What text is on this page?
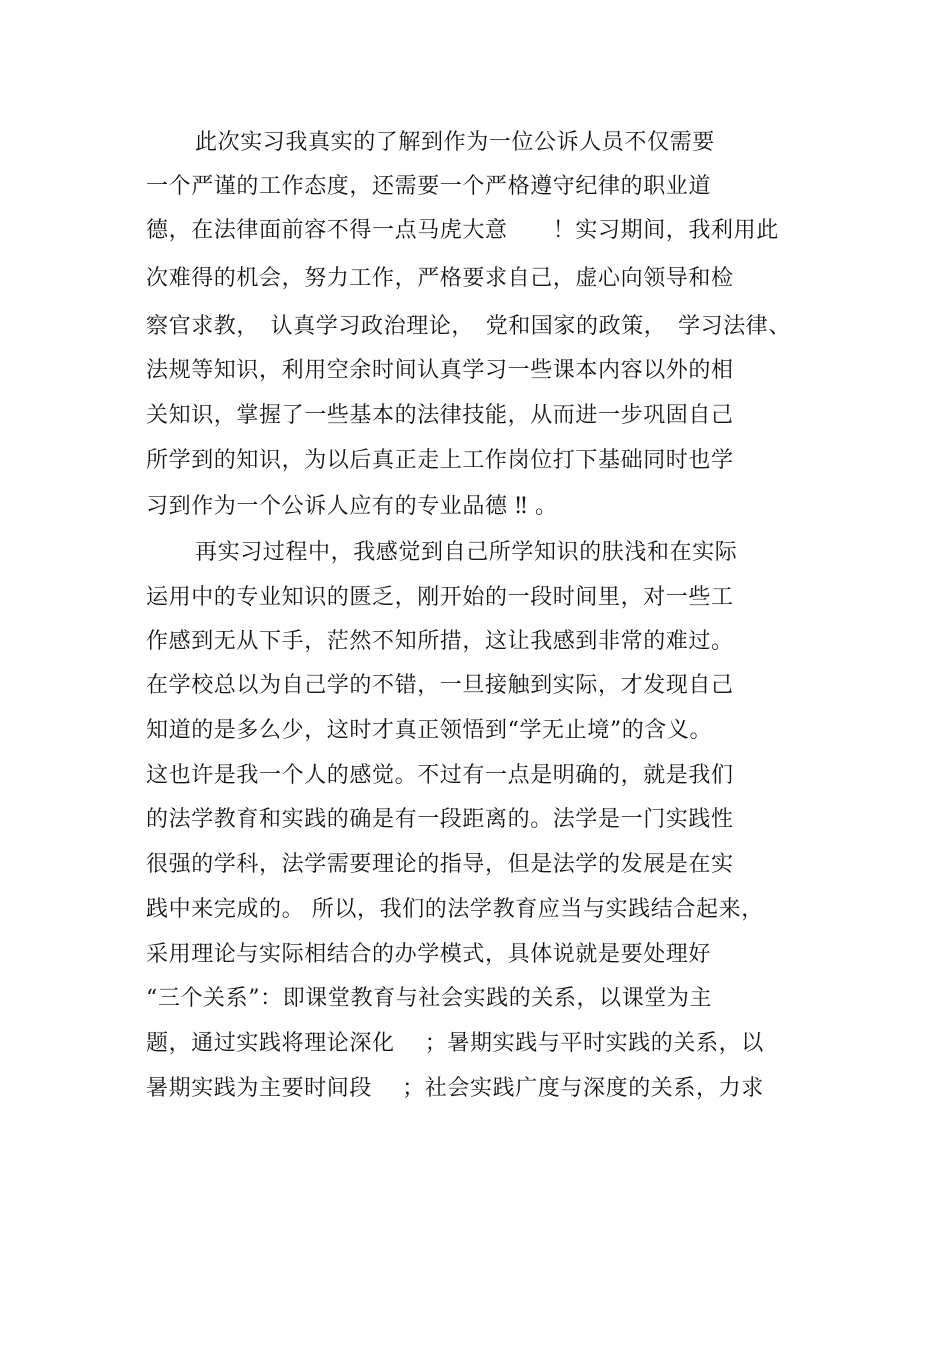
此次实习我真实的了解到作为一位公诉人员不仅需要
一个严谨的工作态度，还需要一个严格遵守纪律的职业道
德，在法律面前容不得一点马虎大意　　！实习期间，我利用此
次难得的机会，努力工作，严格要求自己，虚心向领导和检
察官求教，　认真学习政治理论，　党和国家的政策，　学习法律、
法规等知识，利用空余时间认真学习一些课本内容以外的相
关知识，掌握了一些基本的法律技能，从而进一步巩固自己
所学到的知识，为以后真正走上工作岗位打下基础同时也学
习到作为一个公诉人应有的专业品德 ‼ 。
再实习过程中，我感觉到自己所学知识的肤浅和在实际
运用中的专业知识的匮乏，刚开始的一段时间里，对一些工
作感到无从下手，茫然不知所措，这让我感到非常的难过。
在学校总以为自己学的不错，一旦接触到实际，才发现自己
知道的是多么少，这时才真正领悟到“学无止境”的含义。
这也许是我一个人的感觉。不过有一点是明确的，就是我们
的法学教育和实践的确是有一段距离的。法学是一门实践性
很强的学科，法学需要理论的指导，但是法学的发展是在实
践中来完成的。 所以，我们的法学教育应当与实践结合起来，
采用理论与实际相结合的办学模式，具体说就是要处理好
“三个关系”：即课堂教育与社会实践的关系，以课堂为主
题，通过实践将理论深化　 ；暑期实践与平时实践的关系，以
暑期实践为主要时间段　 ；社会实践广度与深度的关系，力求
